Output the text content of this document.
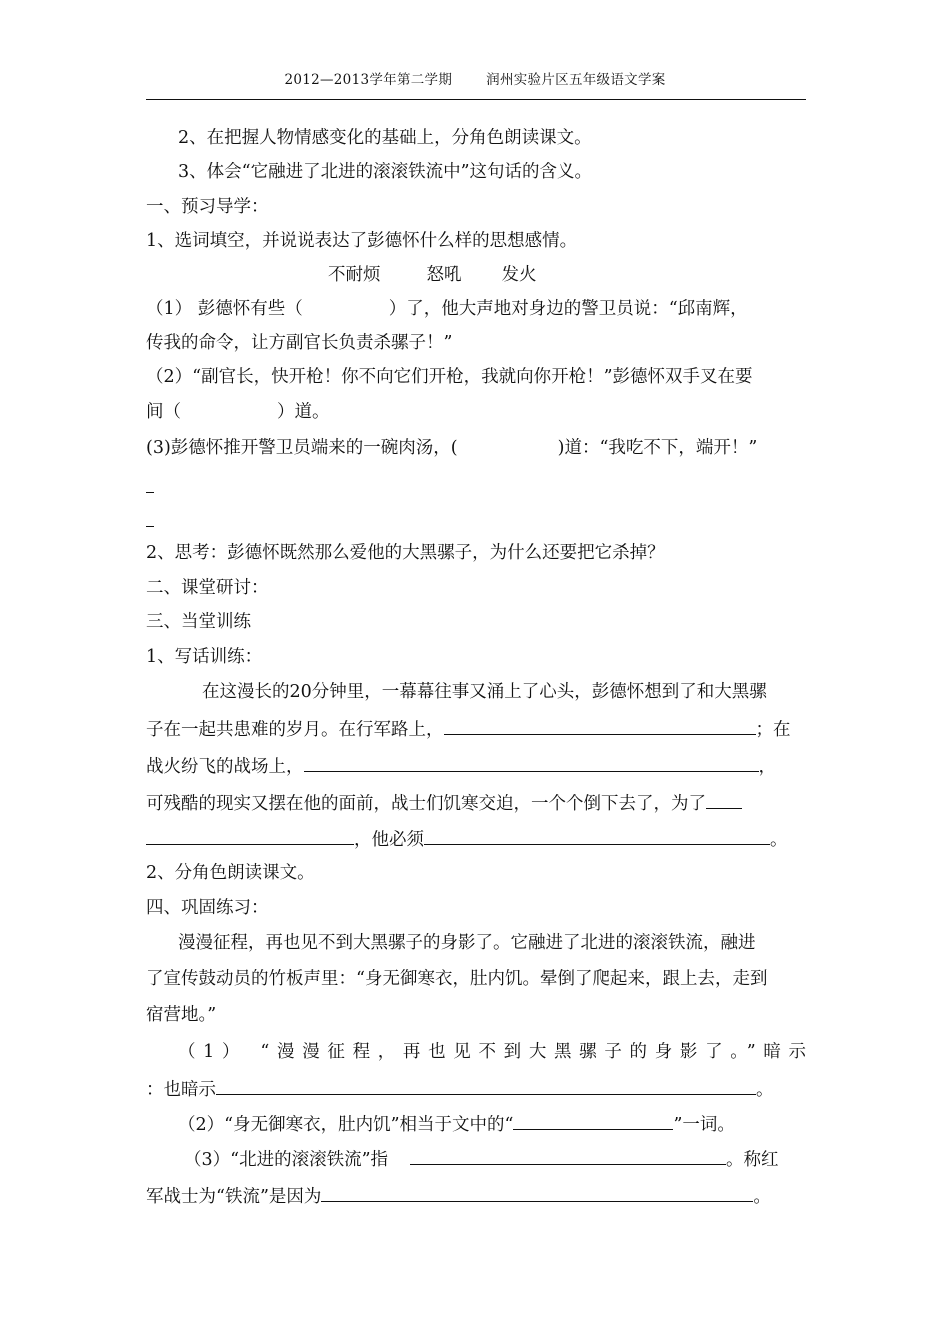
2012—2013学年第二学期	润州实验片区五年级语文学案
2、在把握人物情感变化的基础上，分角色朗读课文。
3、体会“它融进了北进的滚滚铁流中”这句话的含义。
一、预习导学：
1、选词填空，并说说表达了彭德怀什么样的思想感情。
不耐烦	怒吼 发火
（1） 彭德怀有些（	）了，他大声地对身边的警卫员说：“邱南辉，
传我的命令，让方副官长负责杀骡子！”
（2）“副官长，快开枪！你不向它们开枪，我就向你开枪！”彭德怀双手叉在要
间（	）道。
(3)彭德怀推开警卫员端来的一碗肉汤，(	)道：“我吃不下，端开！”
2、思考：彭德怀既然那么爱他的大黑骡子，为什么还要把它杀掉？
二、课堂研讨：
三、当堂训练
1、写话训练：
在这漫长的20分钟里，一幕幕往事又涌上了心头，彭德怀想到了和大黑骡
子在一起共患难的岁月。在行军路上，	；在
战火纷飞的战场上，	，
可残酷的现实又摆在他的面前，战士们饥寒交迫，一个个倒下去了，为了
，他必须	。
2、分角色朗读课文。
四、巩固练习：
漫漫征程，再也见不到大黑骡子的身影了。它融进了北进的滚滚铁流，融进
了宣传鼓动员的竹板声里：“身无御寒衣，肚内饥。晕倒了爬起来，跟上去，走到
宿营地。”
（1） “漫漫征程，再也见不到大黑骡子的身影了。”暗示
：也暗示	。
（2）“身无御寒衣，肚内饥”相当于文中的“	”一词。
（3）“北进的滚滚铁流”指	。称红
军战士为“铁流”是因为	。
